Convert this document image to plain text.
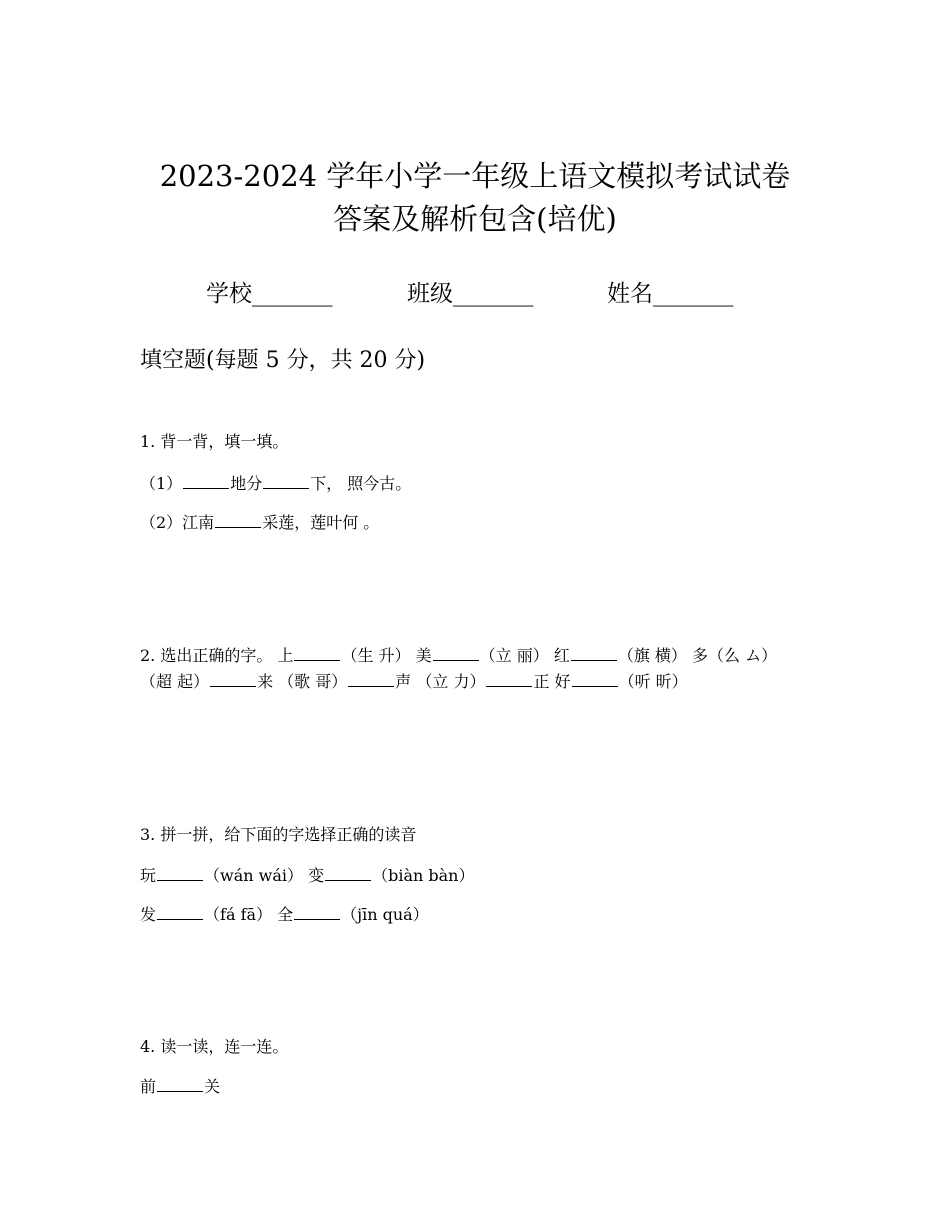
2023-2024 学年小学一年级上语文模拟考试试卷
答案及解析包含(培优)
学校_______	班级_______	姓名_______
填空题(每题 5 分，共 20 分)
1. 背一背，填一填。
（1）	地分	下， 照今古。
（2）江南	采莲，莲叶何 。
2. 选出正确的字。 上	（生 升） 美	（立 丽） 红	（旗 横） 多（么 ム） （超 起）	来 （歌 哥）	声 （立 力）	正 好	（听 昕）
3. 拼一拼，给下面的字选择正确的读音
玩	（wán wái） 变	（biàn bàn）
发	（fá fā） 全	（jīn quá）
4. 读一读，连一连。
前	关
